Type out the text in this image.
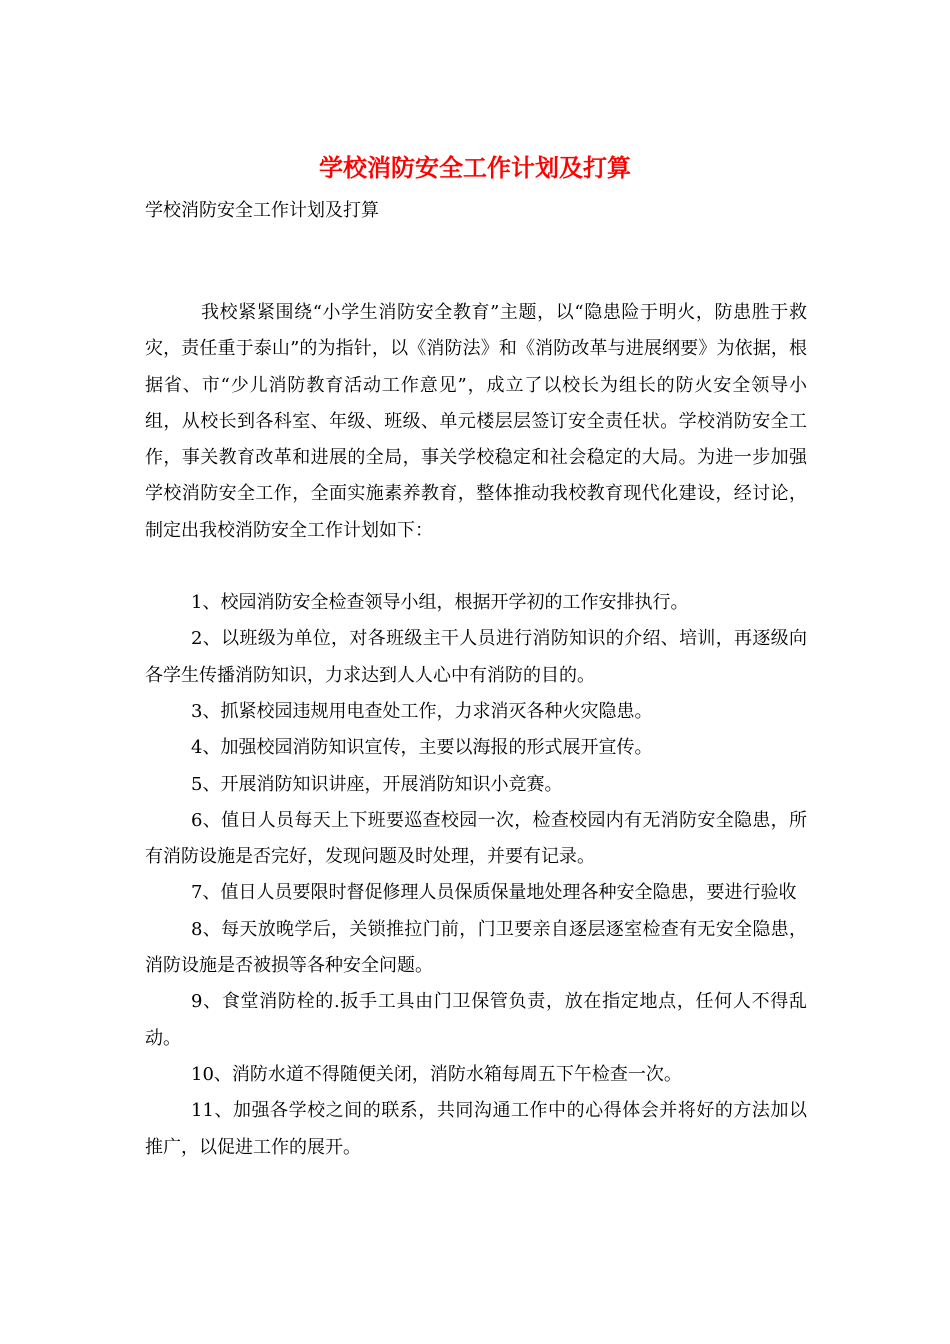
学校消防安全工作计划及打算

学校消防安全工作计划及打算

我校紧紧围绕“小学生消防安全教育”主题，以“隐患险于明火，防患胜于救灾，责任重于泰山”的为指针，以《消防法》和《消防改革与进展纲要》为依据，根据省、市“少儿消防教育活动工作意见”，成立了以校长为组长的防火安全领导小组，从校长到各科室、年级、班级、单元楼层层签订安全责任状。学校消防安全工作，事关教育改革和进展的全局，事关学校稳定和社会稳定的大局。为进一步加强学校消防安全工作，全面实施素养教育，整体推动我校教育现代化建设，经讨论，制定出我校消防安全工作计划如下：

1、校园消防安全检查领导小组，根据开学初的工作安排执行。

2、以班级为单位，对各班级主干人员进行消防知识的介绍、培训，再逐级向各学生传播消防知识，力求达到人人心中有消防的目的。

3、抓紧校园违规用电查处工作，力求消灭各种火灾隐患。

4、加强校园消防知识宣传，主要以海报的形式展开宣传。

5、开展消防知识讲座，开展消防知识小竞赛。

6、值日人员每天上下班要巡查校园一次，检查校园内有无消防安全隐患，所有消防设施是否完好，发现问题及时处理，并要有记录。

7、值日人员要限时督促修理人员保质保量地处理各种安全隐患，要进行验收

8、每天放晚学后，关锁推拉门前，门卫要亲自逐层逐室检查有无安全隐患，消防设施是否被损等各种安全问题。

9、食堂消防栓的.扳手工具由门卫保管负责，放在指定地点，任何人不得乱动。

10、消防水道不得随便关闭，消防水箱每周五下午检查一次。

11、加强各学校之间的联系，共同沟通工作中的心得体会并将好的方法加以推广，以促进工作的展开。
